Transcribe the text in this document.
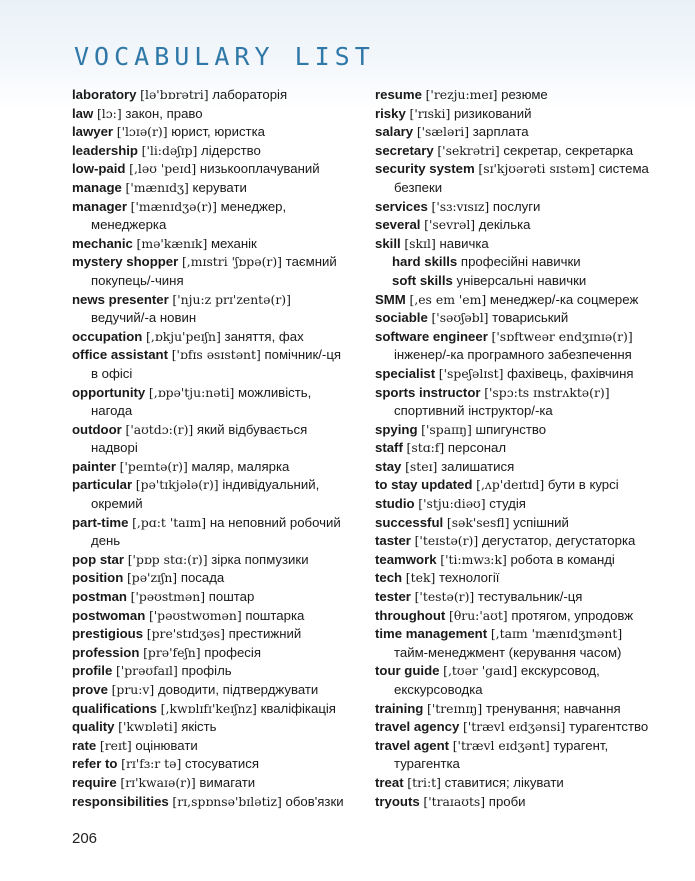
VOCABULARY LIST
laboratory [lə'bɒrətri] лабораторія
law [lɔ:] закон, право
lawyer ['lɔɪə(r)] юрист, юристка
leadership ['li:dəʃɪp] лідерство
low-paid [,ləʊ 'peɪd] низькооплачуваний
manage ['mænɪdʒ] керувати
manager ['mænɪdʒə(r)] менеджер,
менеджерка
mechanic [mə'kænɪk] механік
mystery shopper [,mɪstri 'ʃɒpə(r)] таємний
покупець/-чиня
news presenter ['nju:z prɪ'zentə(r)]
ведучий/-а новин
occupation [,ɒkju'peɪʃn] заняття, фах
office assistant ['ɒfɪs əsɪstənt] помічник/-ця
в офісі
opportunity [,ɒpə'tju:nəti] можливість,
нагода
outdoor ['aʊtdɔ:(r)] який відбувається
надворі
painter ['peɪntə(r)] маляр, малярка
particular [pə'tɪkjələ(r)] індивідуальний,
окремий
part-time [,pɑ:t 'taɪm] на неповний робочий
день
pop star ['pɒp stɑ:(r)] зірка попмузики
position [pə'zɪʃn] посада
postman ['pəʊstmən] поштар
postwoman ['pəʊstwʊmən] поштарка
prestigious [pre'stɪdʒəs] престижний
profession [prə'feʃn] професія
profile ['prəʊfaɪl] профіль
prove [pru:v] доводити, підтверджувати
qualifications [,kwɒlɪfɪ'keɪʃnz] кваліфікація
quality ['kwɒləti] якість
rate [reɪt] оцінювати
refer to [rɪ'fɜ:r tə] стосуватися
require [rɪ'kwaɪə(r)] вимагати
responsibilities [rɪ,spɒnsə'bɪlətiz] обов'язки
resume ['rezju:meɪ] резюме
risky ['rɪski] ризикований
salary ['sæləri] зарплата
secretary ['sekrətri] секретар, секретарка
security system [sɪ'kjʊərəti sɪstəm] система
безпеки
services ['sɜ:vɪsɪz] послуги
several ['sevrəl] декілька
skill [skɪl] навичка
hard skills професійні навички
soft skills універсальні навички
SMM [,es em 'em] менеджер/-ка соцмереж
sociable ['səʊʃəbl] товариський
software engineer ['sɒftweər endʒɪnɪə(r)]
інженер/-ка програмного забезпечення
specialist ['speʃəlɪst] фахівець, фахівчиня
sports instructor ['spɔ:ts ɪnstrʌktə(r)]
спортивний інструктор/-ка
spying ['spaɪɪŋ] шпигунство
staff [stɑ:f] персонал
stay [steɪ] залишатися
to stay updated [,ʌp'deɪtɪd] бути в курсі
studio ['stju:diəʊ] студія
successful [sək'sesfl] успішний
taster ['teɪstə(r)] дегустатор, дегустаторка
teamwork ['ti:mwɜ:k] робота в команді
tech [tek] технології
tester ['testə(r)] тестувальник/-ця
throughout [θru:'aʊt] протягом, упродовж
time management [,taɪm 'mænɪdʒmənt]
тайм-менеджмент (керування часом)
tour guide [,tʊər 'gaɪd] екскурсовод,
екскурсоводка
training ['treɪnɪŋ] тренування; навчання
travel agency ['trævl eɪdʒənsi] турагентство
travel agent ['trævl eɪdʒənt] турагент,
турагентка
treat [tri:t] ставитися; лікувати
tryouts ['traɪaʊts] проби
206
